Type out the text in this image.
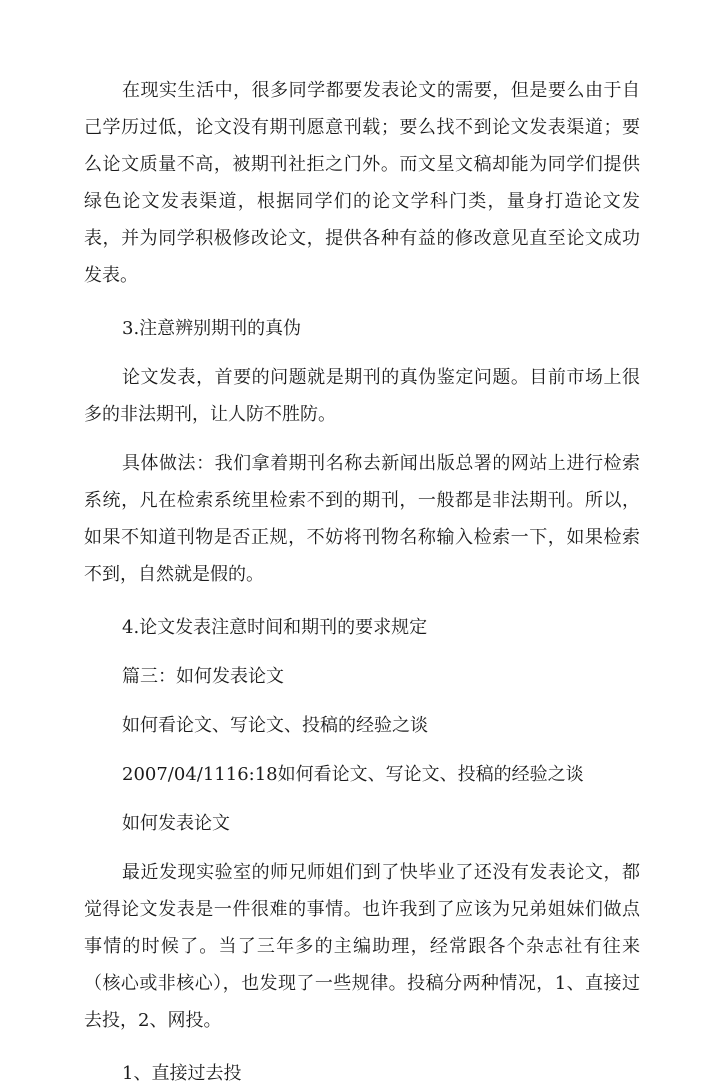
在现实生活中，很多同学都要发表论文的需要，但是要么由于自己学历过低，论文没有期刊愿意刊载；要么找不到论文发表渠道；要么论文质量不高，被期刊社拒之门外。而文星文稿却能为同学们提供绿色论文发表渠道，根据同学们的论文学科门类，量身打造论文发表，并为同学积极修改论文，提供各种有益的修改意见直至论文成功发表。

3.注意辨别期刊的真伪

论文发表，首要的问题就是期刊的真伪鉴定问题。目前市场上很多的非法期刊，让人防不胜防。

具体做法：我们拿着期刊名称去新闻出版总署的网站上进行检索系统，凡在检索系统里检索不到的期刊，一般都是非法期刊。所以，如果不知道刊物是否正规，不妨将刊物名称输入检索一下，如果检索不到，自然就是假的。

4.论文发表注意时间和期刊的要求规定

篇三：如何发表论文

如何看论文、写论文、投稿的经验之谈

2007/04/1116:18如何看论文、写论文、投稿的经验之谈

如何发表论文

最近发现实验室的师兄师姐们到了快毕业了还没有发表论文，都觉得论文发表是一件很难的事情。也许我到了应该为兄弟姐妹们做点事情的时候了。当了三年多的主编助理，经常跟各个杂志社有往来（核心或非核心），也发现了一些规律。投稿分两种情况，1、直接过去投，2、网投。

1、直接过去投
